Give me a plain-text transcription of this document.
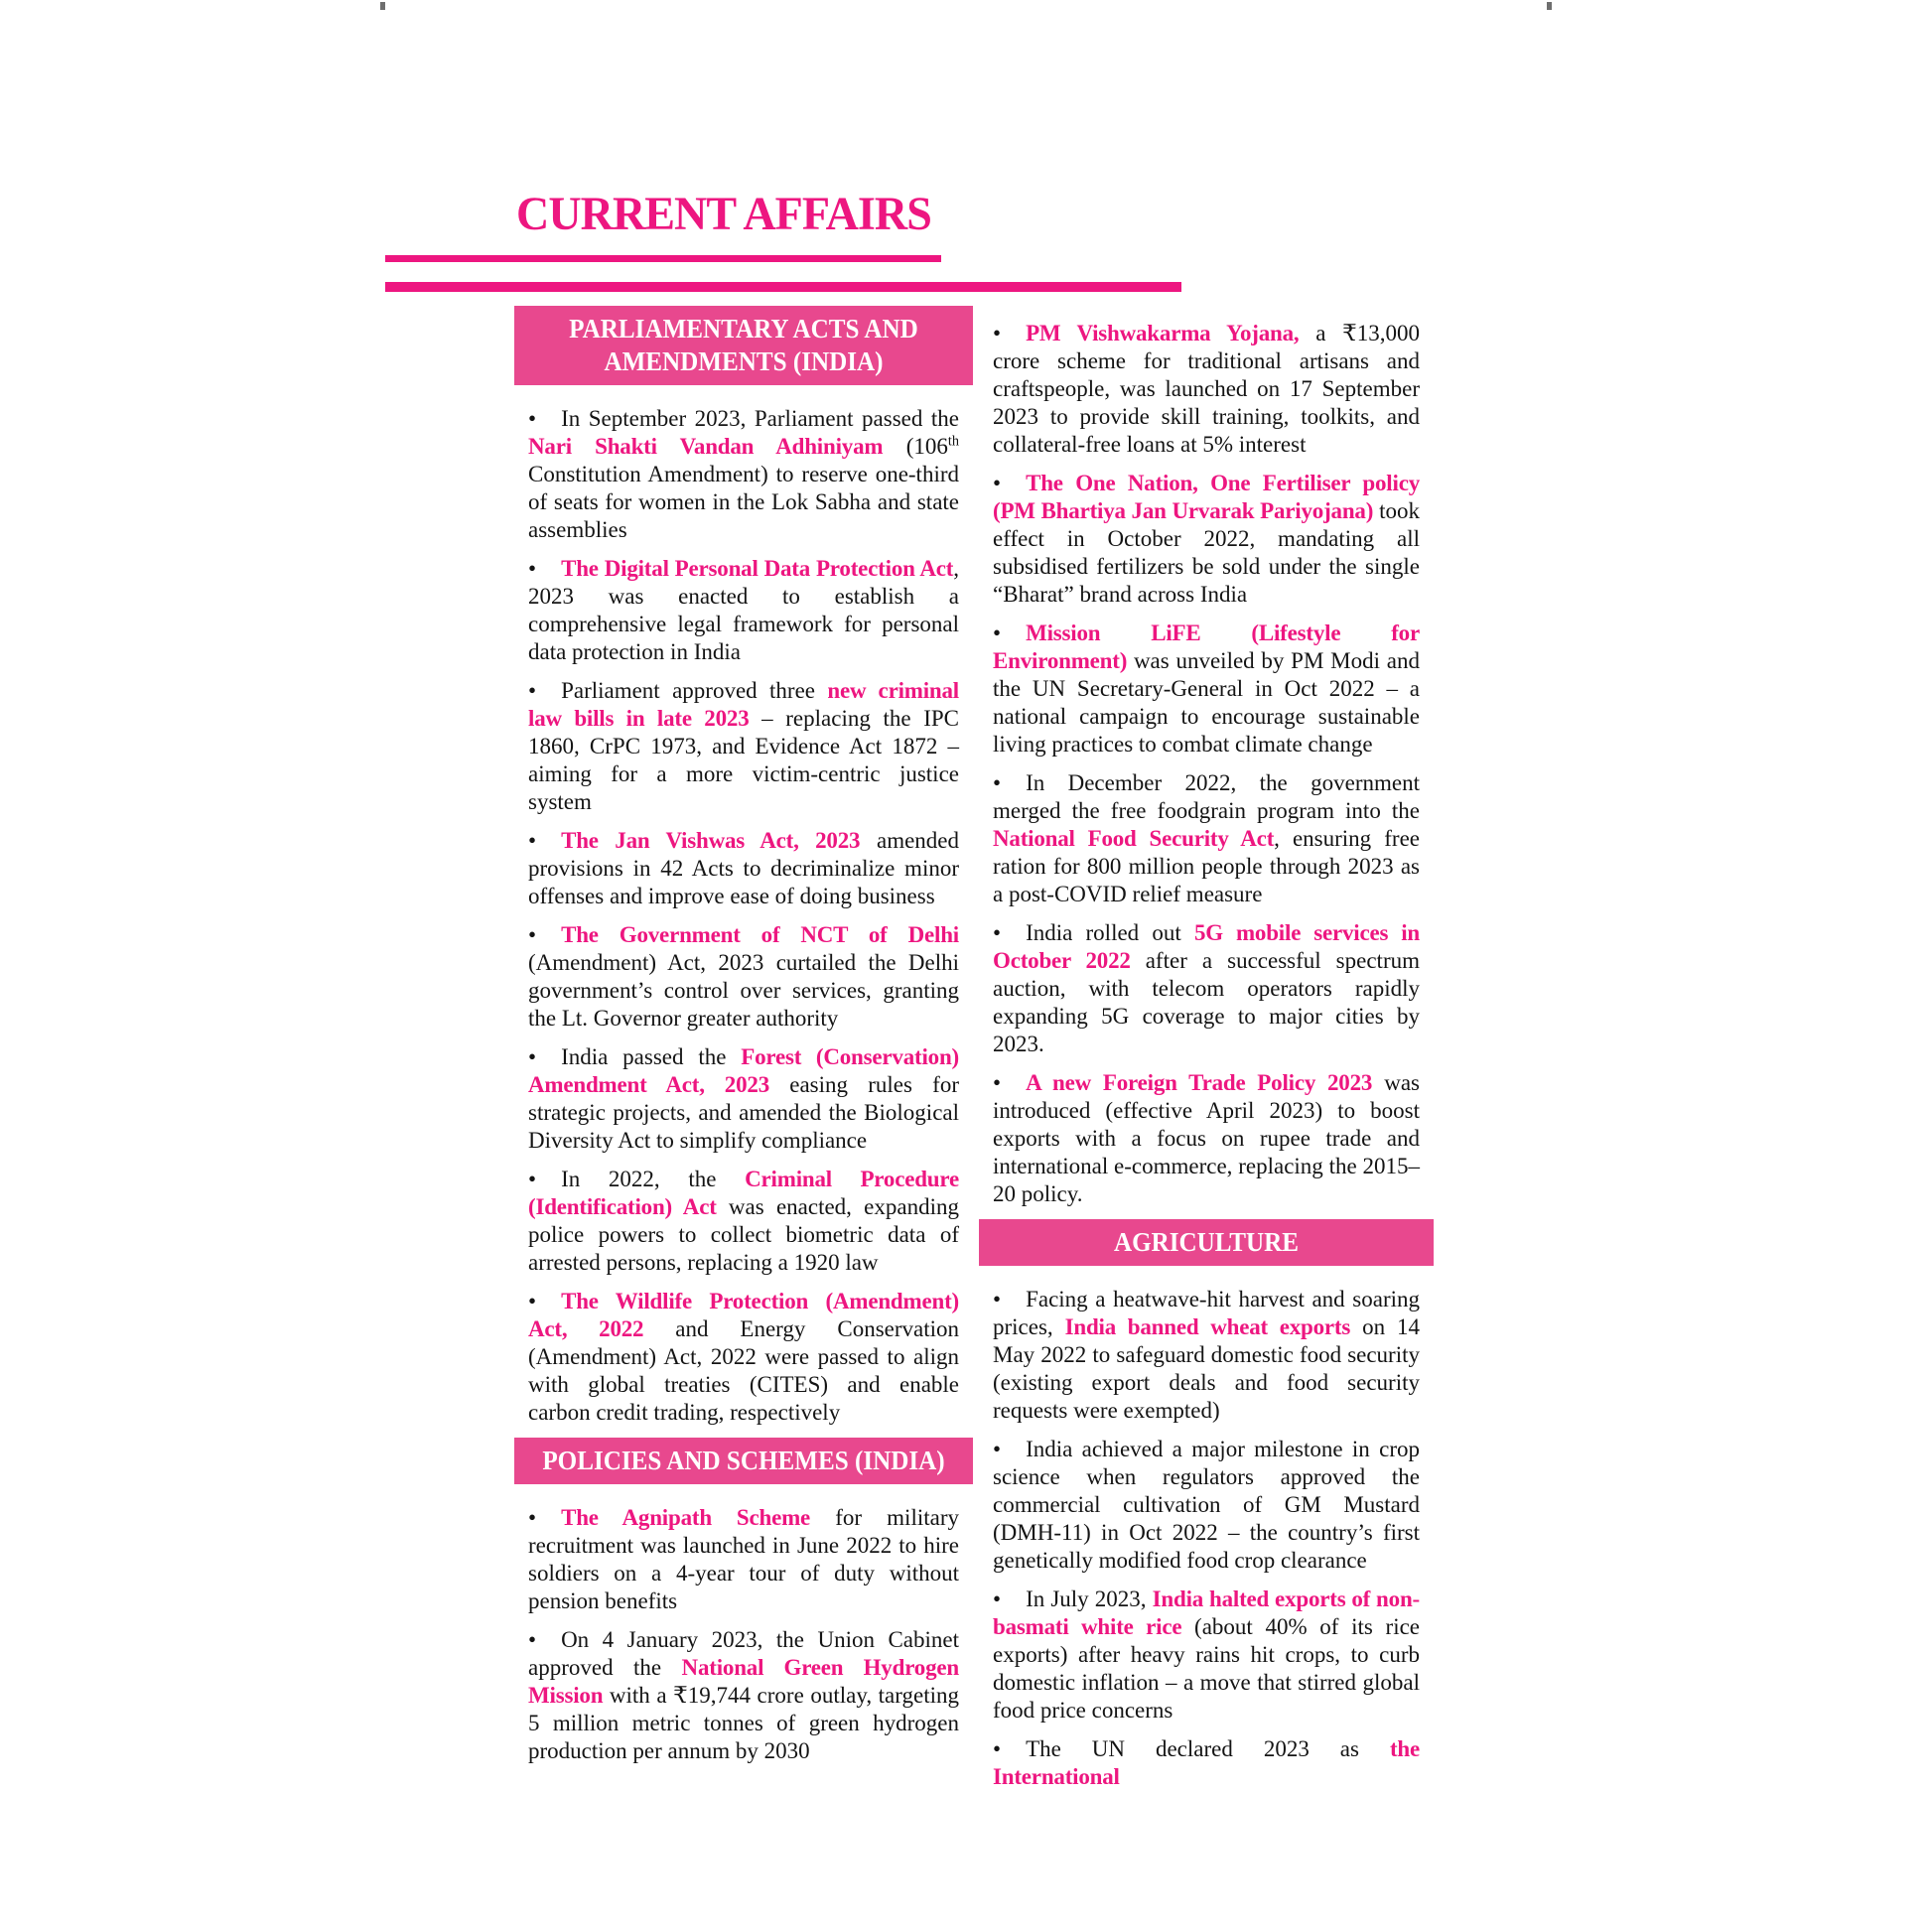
CURRENT AFFAIRS
PARLIAMENTARY ACTS AND
AMENDMENTS (INDIA)

• In September 2023, Parliament passed the Nari Shakti Vandan Adhiniyam (106th Constitution Amendment) to reserve one-third of seats for women in the Lok Sabha and state assemblies

• The Digital Personal Data Protection Act, 2023 was enacted to establish a comprehensive legal framework for personal data protection in India

• Parliament approved three new criminal law bills in late 2023 – replacing the IPC 1860, CrPC 1973, and Evidence Act 1872 – aiming for a more victim-centric justice system

• The Jan Vishwas Act, 2023 amended provisions in 42 Acts to decriminalize minor offenses and improve ease of doing business

• The Government of NCT of Delhi (Amendment) Act, 2023 curtailed the Delhi government’s control over services, granting the Lt. Governor greater authority

• India passed the Forest (Conservation) Amendment Act, 2023 easing rules for strategic projects, and amended the Biological Diversity Act to simplify compliance

• In 2022, the Criminal Procedure (Identification) Act was enacted, expanding police powers to collect biometric data of arrested persons, replacing a 1920 law

• The Wildlife Protection (Amendment) Act, 2022 and Energy Conservation (Amendment) Act, 2022 were passed to align with global treaties (CITES) and enable carbon credit trading, respectively

POLICIES AND SCHEMES (INDIA)

• The Agnipath Scheme for military recruitment was launched in June 2022 to hire soldiers on a 4-year tour of duty without pension benefits

• On 4 January 2023, the Union Cabinet approved the National Green Hydrogen Mission with a ₹19,744 crore outlay, targeting 5 million metric tonnes of green hydrogen production per annum by 2030

• PM Vishwakarma Yojana, a ₹13,000 crore scheme for traditional artisans and craftspeople, was launched on 17 September 2023 to provide skill training, toolkits, and collateral-free loans at 5% interest

• The One Nation, One Fertiliser policy (PM Bhartiya Jan Urvarak Pariyojana) took effect in October 2022, mandating all subsidised fertilizers be sold under the single “Bharat” brand across India

• Mission LiFE (Lifestyle for Environment) was unveiled by PM Modi and the UN Secretary-General in Oct 2022 – a national campaign to encourage sustainable living practices to combat climate change

• In December 2022, the government merged the free foodgrain program into the National Food Security Act, ensuring free ration for 800 million people through 2023 as a post-COVID relief measure

• India rolled out 5G mobile services in October 2022 after a successful spectrum auction, with telecom operators rapidly expanding 5G coverage to major cities by 2023.

• A new Foreign Trade Policy 2023 was introduced (effective April 2023) to boost exports with a focus on rupee trade and international e-commerce, replacing the 2015–20 policy.

AGRICULTURE

• Facing a heatwave-hit harvest and soaring prices, India banned wheat exports on 14 May 2022 to safeguard domestic food security (existing export deals and food security requests were exempted)

• India achieved a major milestone in crop science when regulators approved the commercial cultivation of GM Mustard (DMH-11) in Oct 2022 – the country’s first genetically modified food crop clearance

• In July 2023, India halted exports of non-basmati white rice (about 40% of its rice exports) after heavy rains hit crops, to curb domestic inflation – a move that stirred global food price concerns

• The UN declared 2023 as the International
